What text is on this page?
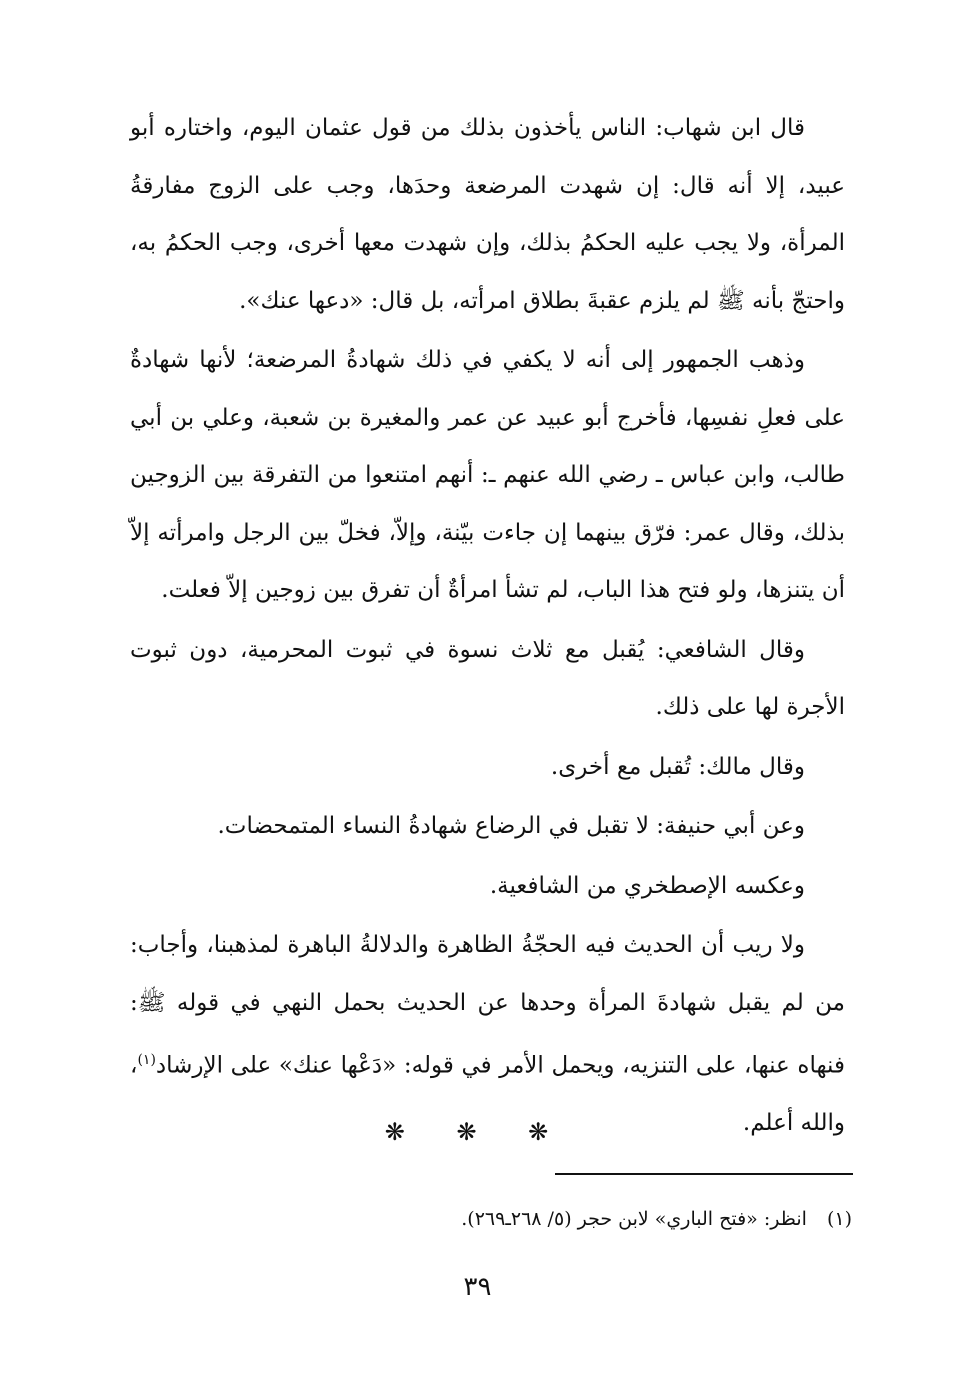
قال ابن شهاب: الناس يأخذون بذلك من قول عثمان اليوم، واختاره أبو عبيد، إلا أنه قال: إن شهدت المرضعة وحدَها، وجب على الزوج مفارقةُ المرأة، ولا يجب عليه الحكمُ بذلك، وإن شهدت معها أخرى، وجب الحكمُ به، واحتجّ بأنه ﷺ لم يلزم عقبةَ بطلاق امرأته، بل قال: «دعها عنك».

وذهب الجمهور إلى أنه لا يكفي في ذلك شهادةُ المرضعة؛ لأنها شهادةٌ على فعلِ نفسِها، فأخرج أبو عبيد عن عمر والمغيرة بن شعبة، وعلي بن أبي طالب، وابن عباس ـ رضي الله عنهم ـ: أنهم امتنعوا من التفرقة بين الزوجين بذلك، وقال عمر: فرّق بينهما إن جاءت بيّنة، وإلاّ، فخلّ بين الرجل وامرأته إلاّ أن يتنزها، ولو فتح هذا الباب، لم تشأ امرأةٌ أن تفرق بين زوجين إلاّ فعلت.

وقال الشافعي: يُقبل مع ثلاث نسوة في ثبوت المحرمية، دون ثبوت الأجرة لها على ذلك.

وقال مالك: تُقبل مع أخرى.

وعن أبي حنيفة: لا تقبل في الرضاع شهادةُ النساء المتمحضات.

وعكسه الإصطخري من الشافعية.

ولا ريب أن الحديث فيه الحجّةُ الظاهرة والدلالةُ الباهرة لمذهبنا، وأجاب: من لم يقبل شهادةَ المرأة وحدها عن الحديث بحمل النهي في قوله ﷺ: فنهاه عنها، على التنزيه، ويحمل الأمر في قوله: «دَعْها عنك» على الإرشاد$^{(١)}$، والله أعلم.

❋ ❋ ❋
(١) انظر: «فتح الباري» لابن حجر (٥/ ٢٦٨ـ٢٦٩).
٣٩
